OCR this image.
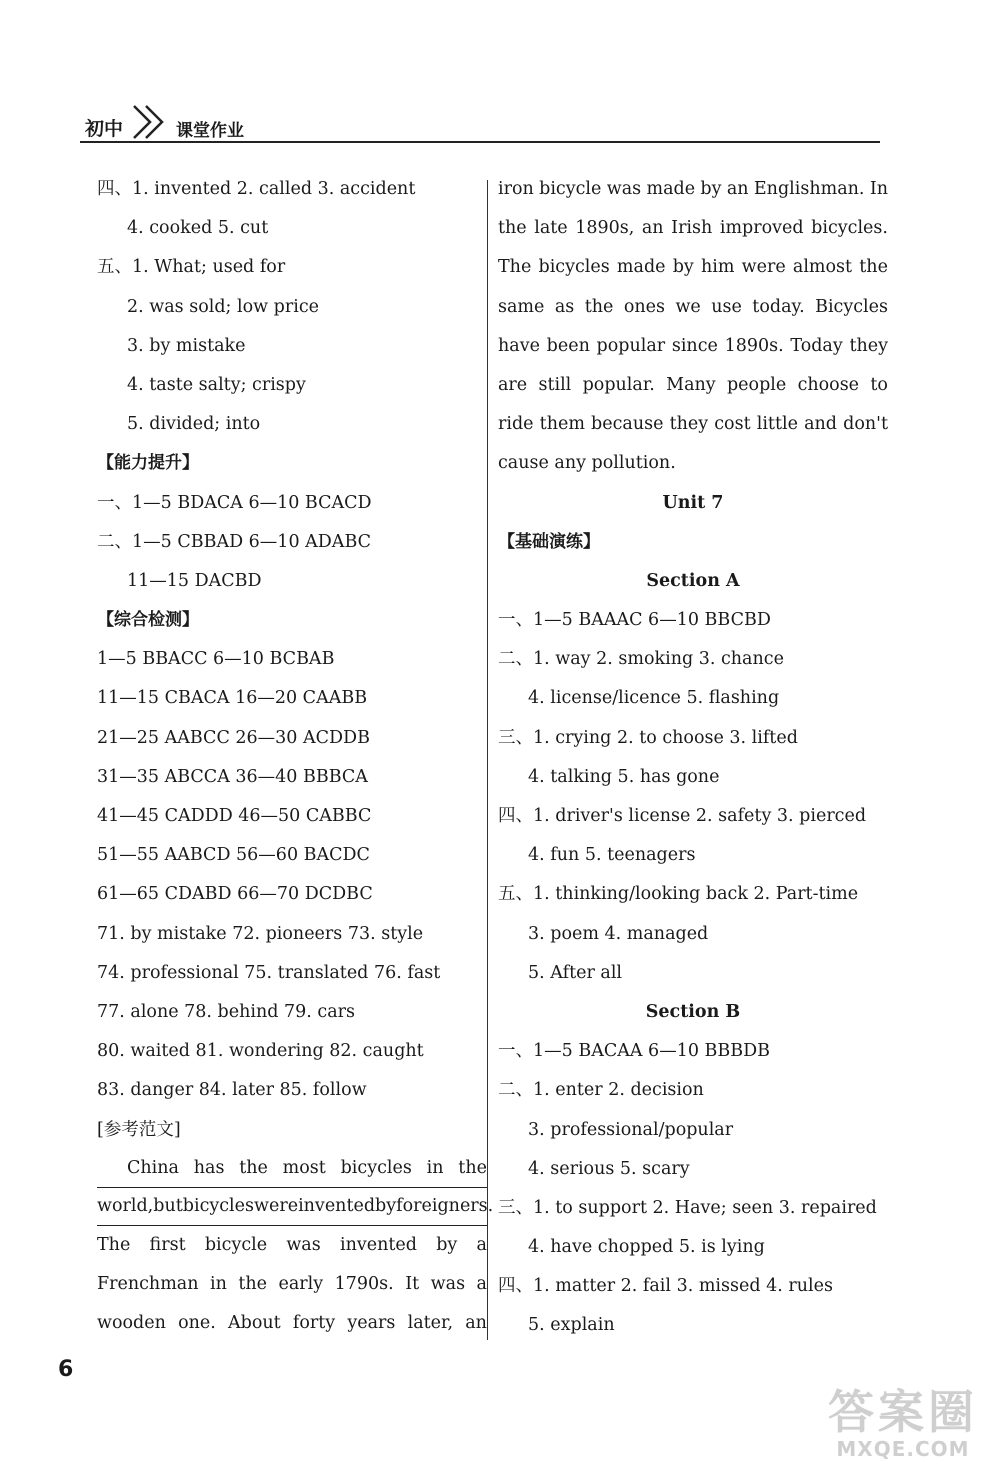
初中	课堂作业
四、1. invented 2. called 3. accident
4. cooked 5. cut
五、1. What; used for
2. was sold; low price
3. by mistake
4. taste salty; crispy
5. divided; into
【能力提升】
一、1—5 BDACA 6—10 BCACD
二、1—5 CBBAD 6—10 ADABC
11—15 DACBD
【综合检测】
1—5 BBACC 6—10 BCBAB
11—15 CBACA 16—20 CAABB
21—25 AABCC 26—30 ACDDB
31—35 ABCCA 36—40 BBBCA
41—45 CADDD 46—50 CABBC
51—55 AABCD 56—60 BACDC
61—65 CDABD 66—70 DCDBC
71. by mistake 72. pioneers 73. style
74. professional 75. translated 76. fast
77. alone 78. behind 79. cars
80. waited 81. wondering 82. caught
83. danger 84. later 85. follow
[参考范文]
China has the most bicycles in the
world, but bicycles were invented by foreigners.
The first bicycle was invented by a
Frenchman in the early 1790s. It was a
wooden one. About forty years later, an
iron bicycle was made by an Englishman. In
the late 1890s, an Irish improved bicycles.
The bicycles made by him were almost the
same as the ones we use today. Bicycles
have been popular since 1890s. Today they
are still popular. Many people choose to
ride them because they cost little and don't
cause any pollution.
Unit 7
【基础演练】
Section A
一、1—5 BAAAC 6—10 BBCBD
二、1. way 2. smoking 3. chance
4. license/licence 5. flashing
三、1. crying 2. to choose 3. lifted
4. talking 5. has gone
四、1. driver's license 2. safety 3. pierced
4. fun 5. teenagers
五、1. thinking/looking back 2. Part-time
3. poem 4. managed
5. After all
Section B
一、1—5 BACAA 6—10 BBBDB
二、1. enter 2. decision
3. professional/popular
4. serious 5. scary
三、1. to support 2. Have; seen 3. repaired
4. have chopped 5. is lying
四、1. matter 2. fail 3. missed 4. rules
5. explain
6
答案圈
MXQE.COM
